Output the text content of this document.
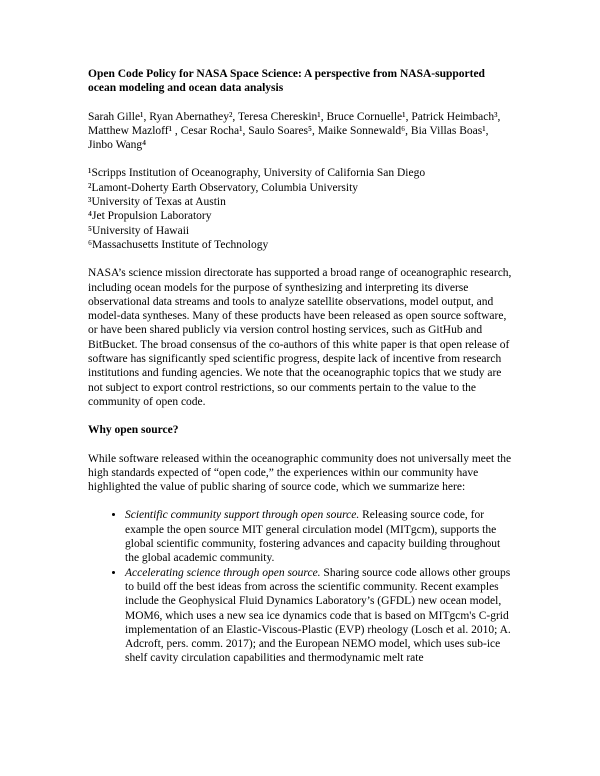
Open Code Policy for NASA Space Science: A perspective from NASA-supported ocean modeling and ocean data analysis

Sarah Gille¹, Ryan Abernathey², Teresa Chereskin¹, Bruce Cornuelle¹, Patrick Heimbach³, Matthew Mazloff¹ , Cesar Rocha¹, Saulo Soares⁵, Maike Sonnewald⁶, Bia Villas Boas¹, Jinbo Wang⁴

¹Scripps Institution of Oceanography, University of California San Diego
²Lamont-Doherty Earth Observatory, Columbia University
³University of Texas at Austin
⁴Jet Propulsion Laboratory
⁵University of Hawaii
⁶Massachusetts Institute of Technology

NASA’s science mission directorate has supported a broad range of oceanographic research, including ocean models for the purpose of synthesizing and interpreting its diverse observational data streams and tools to analyze satellite observations, model output, and model-data syntheses. Many of these products have been released as open source software, or have been shared publicly via version control hosting services, such as GitHub and BitBucket. The broad consensus of the co-authors of this white paper is that open release of software has significantly sped scientific progress, despite lack of incentive from research institutions and funding agencies. We note that the oceanographic topics that we study are not subject to export control restrictions, so our comments pertain to the value to the community of open code.

Why open source?

While software released within the oceanographic community does not universally meet the high standards expected of “open code,” the experiences within our community have highlighted the value of public sharing of source code, which we summarize here:

• Scientific community support through open source. Releasing source code, for example the open source MIT general circulation model (MITgcm), supports the global scientific community, fostering advances and capacity building throughout the global academic community.
• Accelerating science through open source. Sharing source code allows other groups to build off the best ideas from across the scientific community. Recent examples include the Geophysical Fluid Dynamics Laboratory’s (GFDL) new ocean model, MOM6, which uses a new sea ice dynamics code that is based on MITgcm's C-grid implementation of an Elastic-Viscous-Plastic (EVP) rheology (Losch et al. 2010; A. Adcroft, pers. comm. 2017); and the European NEMO model, which uses sub-ice shelf cavity circulation capabilities and thermodynamic melt rate
